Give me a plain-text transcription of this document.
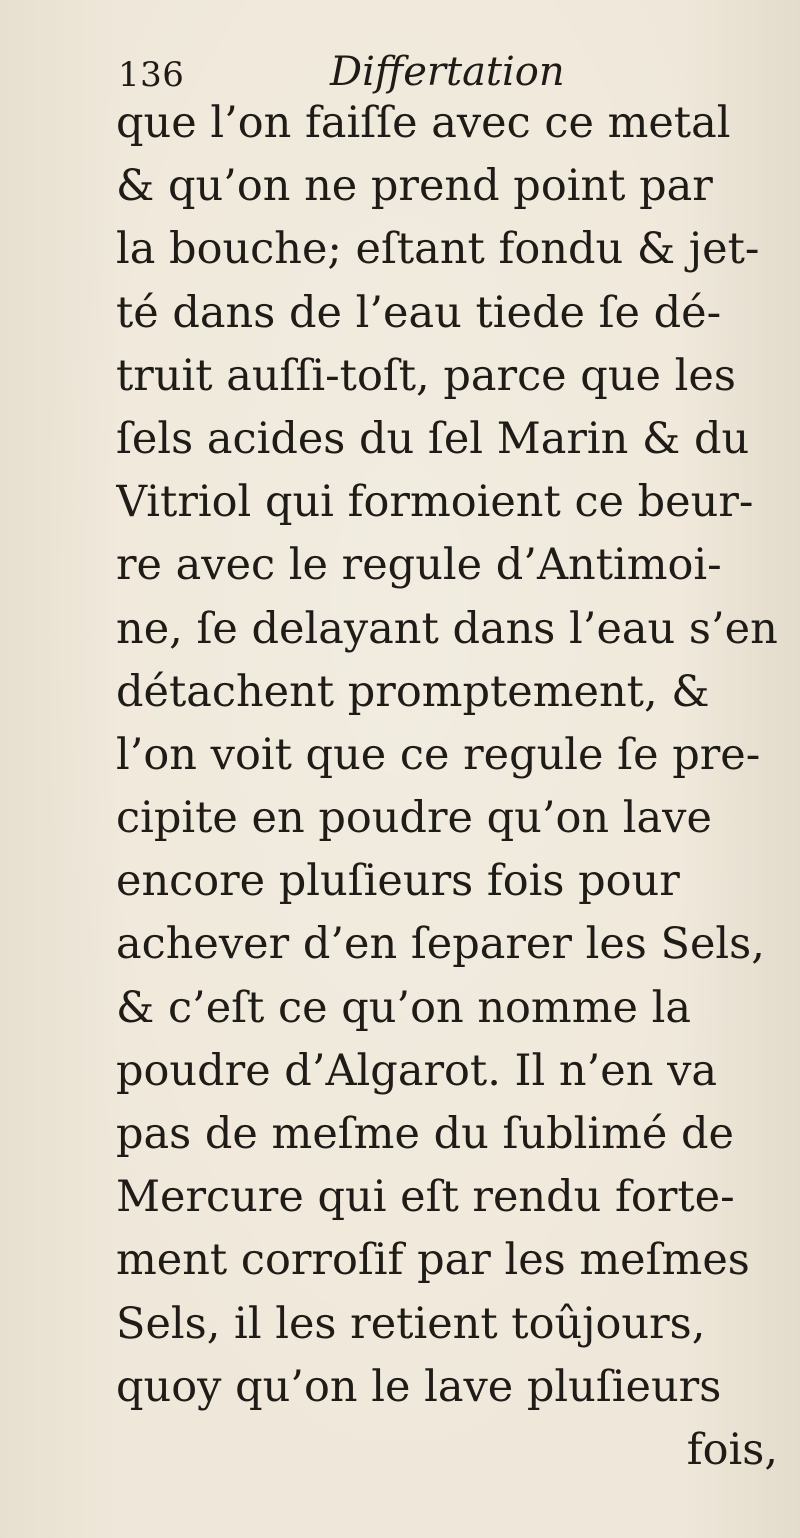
136	Differtation
que l’on faiſſe avec ce metal
& qu’on ne prend point par
la bouche; eſtant fondu & jet-
té dans de l’eau tiede ſe dé-
truit auſſi-toſt, parce que les
ſels acides du ſel Marin & du
Vitriol qui formoient ce beur-
re avec le regule d’Antimoi-
ne, ſe delayant dans l’eau s’en
détachent promptement, &
l’on voit que ce regule ſe pre-
cipite en poudre qu’on lave
encore pluſieurs fois pour
achever d’en ſeparer les Sels,
& c’eſt ce qu’on nomme la
poudre d’Algarot. Il n’en va
pas de meſme du ſublimé de
Mercure qui eſt rendu forte-
ment corroſif par les meſmes
Sels, il les retient toûjours,
quoy qu’on le lave pluſieurs
fois,
